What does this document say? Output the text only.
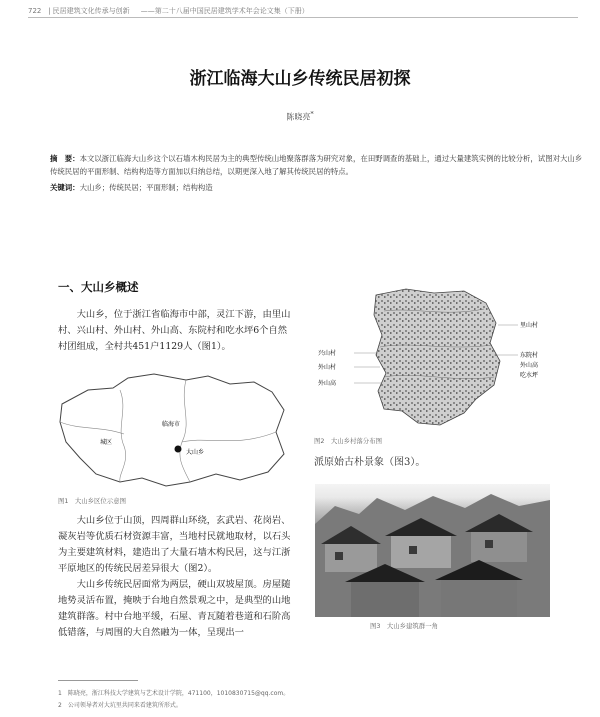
722 | 民居建筑文化传承与创新 ——第二十八届中国民居建筑学术年会论文集（下册）
浙江临海大山乡传统民居初探
陈晓亮*
摘　要：本文以浙江临海大山乡这个以石墙木构民居为主的典型传统山地聚落群落为研究对象，在田野调查的基础上，通过大量建筑实例的比较分析，试图对大山乡传统民居的平面形制、结构构造等方面加以归纳总结，以期更深入地了解其传统民居的特点。
关键词：大山乡；传统民居；平面形制；结构构造
一、大山乡概述

大山乡，位于浙江省临海市中部，灵江下游，由里山村、兴山村、外山村、外山高、东院村和吃水坪6个自然村团组成，全村共451户1129人（图1）。

临海市
城区
大山乡
图1　大山乡区位示意图

大山乡位于山顶，四周群山环绕，玄武岩、花岗岩、凝灰岩等优质石材资源丰富，当地村民就地取材，以石头为主要建筑材料，建造出了大量石墙木构民居，这与江浙平原地区的传统民居差异很大（图2）。

大山乡传统民居面常为两层，硬山双坡屋顶。房屋随地势灵活布置，掩映于台地自然景观之中，是典型的山地建筑群落。村中台地平缓，石屋、青瓦随着巷道和石阶高低错落，与周围的大自然融为一体，呈现出一

里山村
兴山村
外山村
外山高
东院村
外山高
吃水坪
图2　大山乡村落分布图
派原始古朴景象（图3）。
图3　大山乡建筑群一角
1　陈晓亮，浙江科技大学建筑与艺术设计学院，471100，1010830715@qq.com。
2　公司领导者对大坑里共同来看建筑所形式。
